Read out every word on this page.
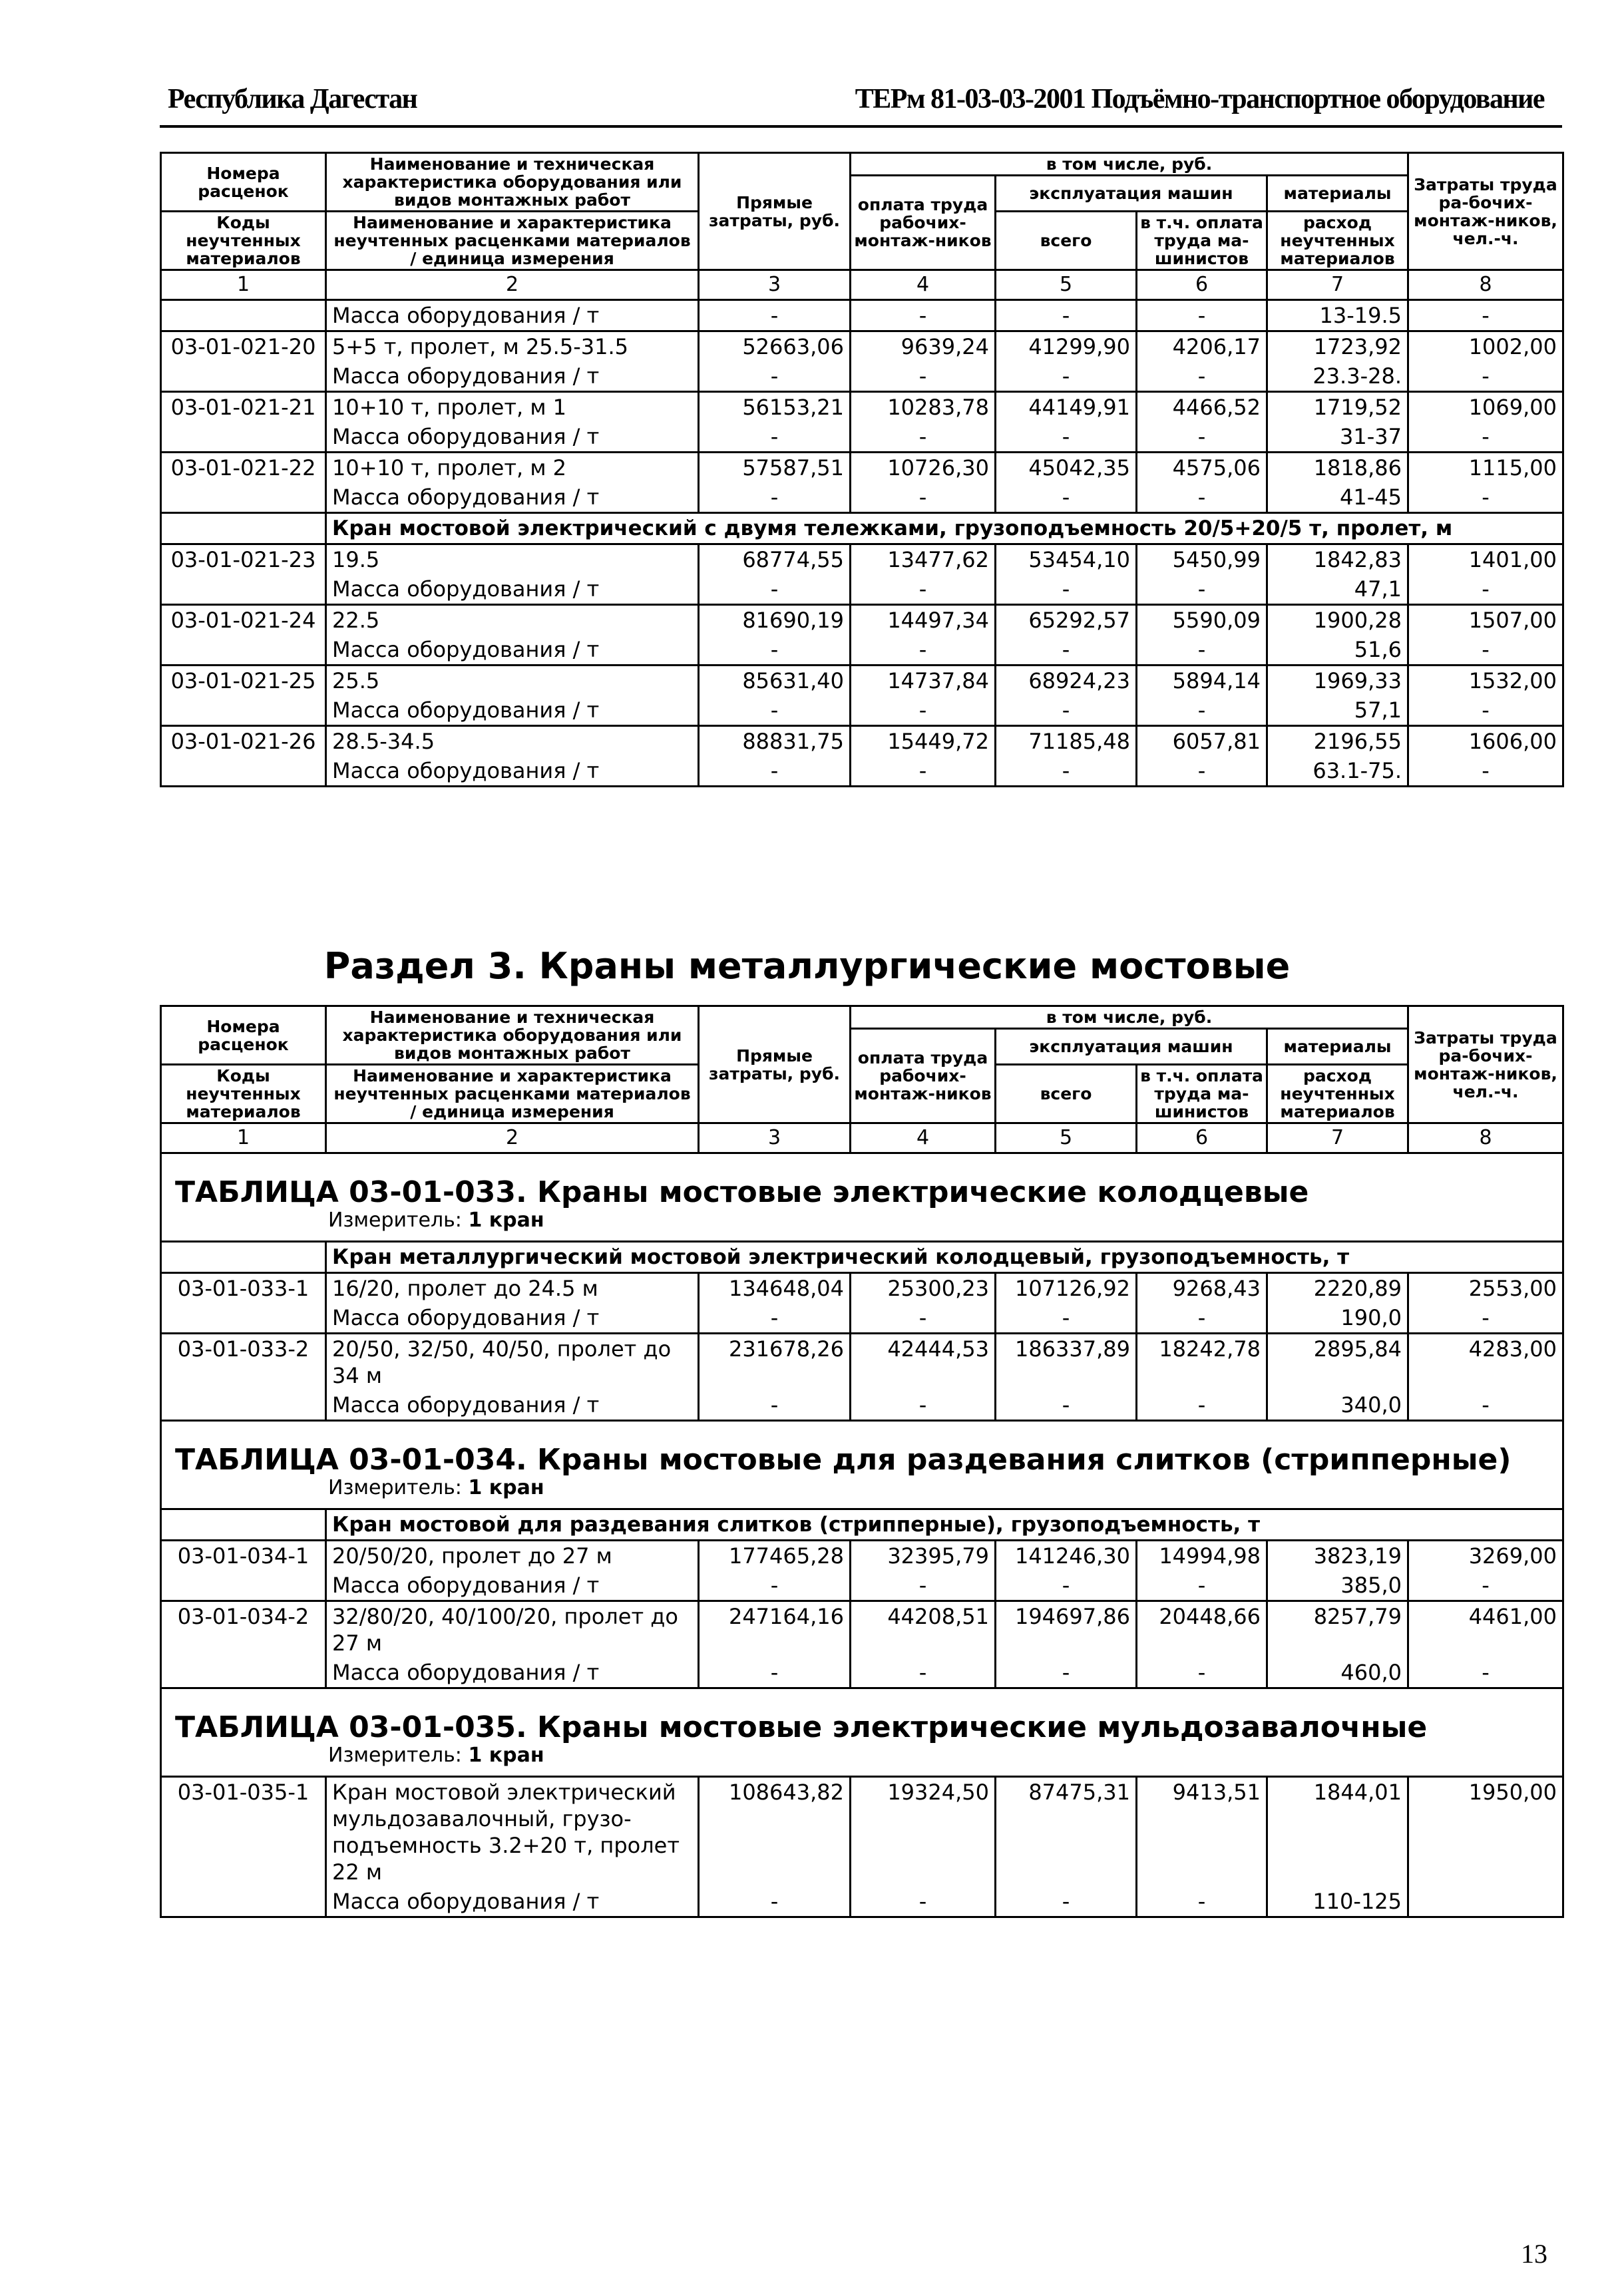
Республика Дагестан	ТЕРм 81-03-03-2001 Подъёмно-транспортное оборудование
Номера расценок	Наименование и техническая характеристика оборудования или видов монтажных работ	Прямые затраты, руб.	в том числе, руб.				Затраты труда ра-бочих-монтаж-ников, чел.-ч.
			оплата труда рабочих-монтаж-ников	эксплуатация машин		материалы	
Коды неучтенных материалов	Наименование и характеристика неучтенных расценками материалов / единица измерения			всего	в т.ч. оплата труда ма-шинистов	расход неучтенных материалов	

1	2	3	4	5	6	7	8
	Масса оборудования / т	-	-	-	-	13-19.5	-
03-01-021-20	5+5 т, пролет, м 25.5-31.5	52663,06	9639,24	41299,90	4206,17	1723,92	1002,00
	Масса оборудования / т	-	-	-	-	23.3-28.	-
03-01-021-21	10+10 т, пролет, м 1	56153,21	10283,78	44149,91	4466,52	1719,52	1069,00
	Масса оборудования / т	-	-	-	-	31-37	-
03-01-021-22	10+10 т, пролет, м 2	57587,51	10726,30	45042,35	4575,06	1818,86	1115,00
	Масса оборудования / т	-	-	-	-	41-45	-
	Кран мостовой электрический с двумя тележками, грузоподъемность 20/5+20/5 т, пролет, м						
03-01-021-23	19.5	68774,55	13477,62	53454,10	5450,99	1842,83	1401,00
	Масса оборудования / т	-	-	-	-	47,1	-
03-01-021-24	22.5	81690,19	14497,34	65292,57	5590,09	1900,28	1507,00
	Масса оборудования / т	-	-	-	-	51,6	-
03-01-021-25	25.5	85631,40	14737,84	68924,23	5894,14	1969,33	1532,00
	Масса оборудования / т	-	-	-	-	57,1	-
03-01-021-26	28.5-34.5	88831,75	15449,72	71185,48	6057,81	2196,55	1606,00
	Масса оборудования / т	-	-	-	-	63.1-75.	-
Раздел 3. Краны металлургические мостовые
Номера расценок	Наименование и техническая характеристика оборудования или видов монтажных работ	Прямые затраты, руб.	в том числе, руб.				Затраты труда ра-бочих-монтаж-ников, чел.-ч.
			оплата труда рабочих-монтаж-ников	эксплуатация машин		материалы	
Коды неучтенных материалов	Наименование и характеристика неучтенных расценками материалов / единица измерения			всего	в т.ч. оплата труда ма-шинистов	расход неучтенных материалов	

1	2	3	4	5	6	7	8

ТАБЛИЦА 03-01-033. Краны мостовые электрические колодцевые
Измеритель: 1 кран							

	Кран металлургический мостовой электрический колодцевый, грузоподъемность, т						
03-01-033-1	16/20, пролет до 24.5 м	134648,04	25300,23	107126,92	9268,43	2220,89	2553,00
	Масса оборудования / т	-	-	-	-	190,0	-
03-01-033-2	20/50, 32/50, 40/50, пролет до 34 м	231678,26	42444,53	186337,89	18242,78	2895,84	4283,00
	Масса оборудования / т	-	-	-	-	340,0	-

ТАБЛИЦА 03-01-034. Краны мостовые для раздевания слитков (стрипперные)
Измеритель: 1 кран							

	Кран мостовой для раздевания слитков (стрипперные), грузоподъемность, т						
03-01-034-1	20/50/20, пролет до 27 м	177465,28	32395,79	141246,30	14994,98	3823,19	3269,00
	Масса оборудования / т	-	-	-	-	385,0	-
03-01-034-2	32/80/20, 40/100/20, пролет до 27 м	247164,16	44208,51	194697,86	20448,66	8257,79	4461,00
	Масса оборудования / т	-	-	-	-	460,0	-

ТАБЛИЦА 03-01-035. Краны мостовые электрические мульдозавалочные
Измеритель: 1 кран							

03-01-035-1	Кран мостовой электрический мульдозавалочный, грузо-подъемность 3.2+20 т, пролет 22 м	108643,82	19324,50	87475,31	9413,51	1844,01	1950,00
	Масса оборудования / т	-	-	-	-	110-125	
13
